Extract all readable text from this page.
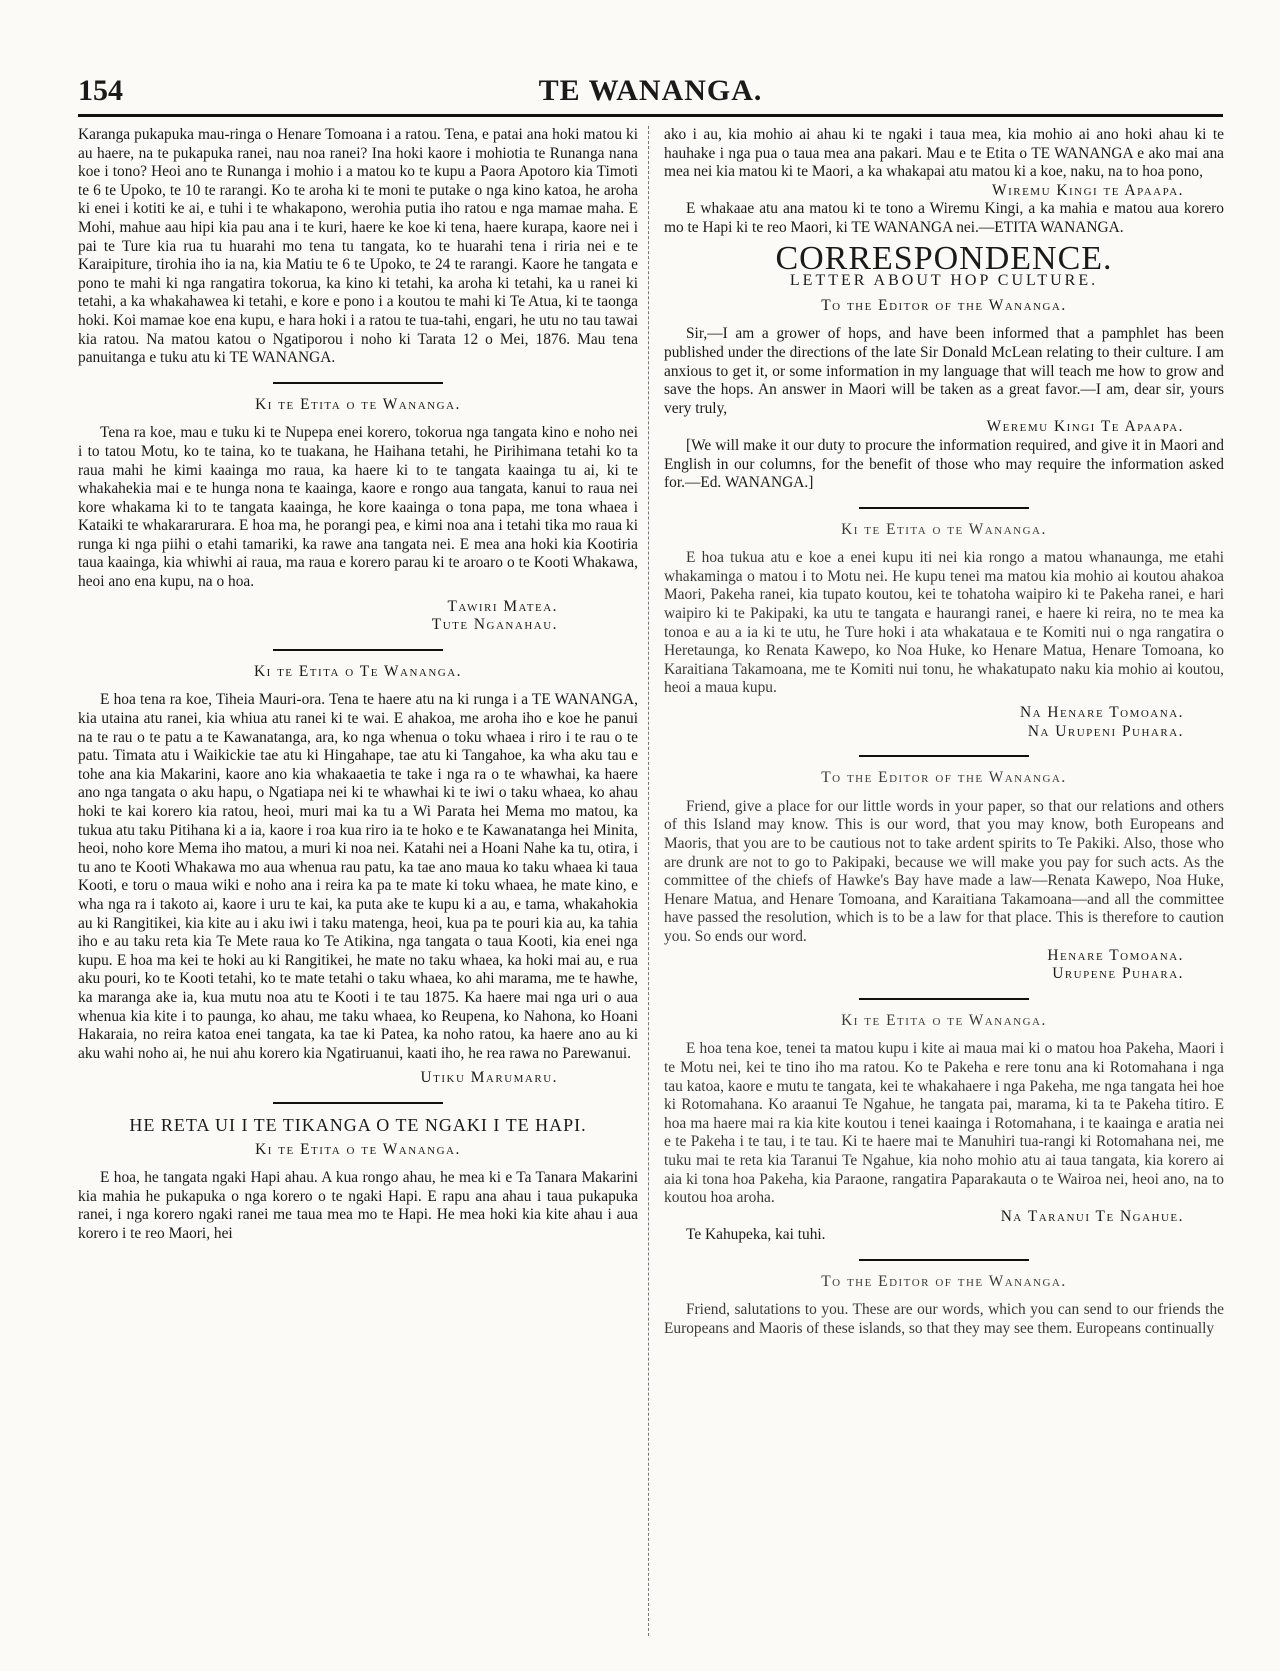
154	TE WANANGA.

Karanga pukapuka mau-ringa o Henare Tomoana i a ratou. Tena, e patai ana hoki matou ki au haere, na te pukapuka ranei, nau noa ranei? Ina hoki kaore i mohiotia te Runanga nana koe i tono? Heoi ano te Runanga i mohio i a matou ko te kupu a Paora Apotoro kia Timoti te 6 te Upoko, te 10 te rarangi. Ko te aroha ki te moni te putake o nga kino katoa, he aroha ki enei i kotiti ke ai, e tuhi i te whakapono, werohia putia iho ratou e nga mamae maha. E Mohi, mahue aau hipi kia pau ana i te kuri, haere ke koe ki tena, haere kurapa, kaore nei i pai te Ture kia rua tu huarahi mo tena tu tangata, ko te huarahi tena i riria nei e te Karaipiture, tirohia iho ia na, kia Matiu te 6 te Upoko, te 24 te rarangi. Kaore he tangata e pono te mahi ki nga rangatira tokorua, ka kino ki tetahi, ka aroha ki tetahi, ka u ranei ki tetahi, a ka whakahawea ki tetahi, e kore e pono i a koutou te mahi ki Te Atua, ki te taonga hoki. Koi mamae koe ena kupu, e hara hoki i a ratou te tua-tahi, engari, he utu no tau tawai kia ratou. Na matou katou o Ngatiporou i noho ki Tarata 12 o Mei, 1876. Mau tena panuitanga e tuku atu ki TE WANANGA.

Ki te Etita o te Wananga.

Tena ra koe, mau e tuku ki te Nupepa enei korero, tokorua nga tangata kino e noho nei i to tatou Motu, ko te taina, ko te tuakana, he Haihana tetahi, he Pirihimana tetahi ko ta raua mahi he kimi kaainga mo raua, ka haere ki to te tangata kaainga tu ai, ki te whakahekia mai e te hunga nona te kaainga, kaore e rongo aua tangata, kanui to raua nei kore whakama ki to te tangata kaainga, he kore kaainga o tona papa, me tona whaea i Kataiki te whakararurara. E hoa ma, he porangi pea, e kimi noa ana i tetahi tika mo raua ki runga ki nga piihi o etahi tamariki, ka rawe ana tangata nei. E mea ana hoki kia Kootiria taua kaainga, kia whiwhi ai raua, ma raua e korero parau ki te aroaro o te Kooti Whakawa, heoi ano ena kupu, na o hoa.

Tawiri Matea.
Tute Nganahau.
Ki te Etita o Te Wananga.

E hoa tena ra koe, Tiheia Mauri-ora. Tena te haere atu na ki runga i a TE WANANGA, kia utaina atu ranei, kia whiua atu ranei ki te wai. E ahakoa, me aroha iho e koe he panui na te rau o te patu a te Kawanatanga, ara, ko nga whenua o toku whaea i riro i te rau o te patu. Timata atu i Waikickie tae atu ki Hingahape, tae atu ki Tangahoe, ka wha aku tau e tohe ana kia Makarini, kaore ano kia whakaaetia te take i nga ra o te whawhai, ka haere ano nga tangata o aku hapu, o Ngatiapa nei ki te whawhai ki te iwi o taku whaea, ko ahau hoki te kai korero kia ratou, heoi, muri mai ka tu a Wi Parata hei Mema mo matou, ka tukua atu taku Pitihana ki a ia, kaore i roa kua riro ia te hoko e te Kawanatanga hei Minita, heoi, noho kore Mema iho matou, a muri ki noa nei. Katahi nei a Hoani Nahe ka tu, otira, i tu ano te Kooti Whakawa mo aua whenua rau patu, ka tae ano maua ko taku whaea ki taua Kooti, e toru o maua wiki e noho ana i reira ka pa te mate ki toku whaea, he mate kino, e wha nga ra i takoto ai, kaore i uru te kai, ka puta ake te kupu ki a au, e tama, whakahokia au ki Rangitikei, kia kite au i aku iwi i taku matenga, heoi, kua pa te pouri kia au, ka tahia iho e au taku reta kia Te Mete raua ko Te Atikina, nga tangata o taua Kooti, kia enei nga kupu. E hoa ma kei te hoki au ki Rangitikei, he mate no taku whaea, ka hoki mai au, e rua aku pouri, ko te Kooti tetahi, ko te mate tetahi o taku whaea, ko ahi marama, me te hawhe, ka maranga ake ia, kua mutu noa atu te Kooti i te tau 1875. Ka haere mai nga uri o aua whenua kia kite i to paunga, ko ahau, me taku whaea, ko Reupena, ko Nahona, ko Hoani Hakaraia, no reira katoa enei tangata, ka tae ki Patea, ka noho ratou, ka haere ano au ki aku wahi noho ai, he nui ahu korero kia Ngatiruanui, kaati iho, he rea rawa no Parewanui.

Utiku Marumaru.
HE RETA UI I TE TIKANGA O TE NGAKI I TE HAPI.
Ki te Etita o te Wananga.

E hoa, he tangata ngaki Hapi ahau. A kua rongo ahau, he mea ki e Ta Tanara Makarini kia mahia he pukapuka o nga korero o te ngaki Hapi. E rapu ana ahau i taua pukapuka ranei, i nga korero ngaki ranei me taua mea mo te Hapi. He mea hoki kia kite ahau i aua korero i te reo Maori, hei

ako i au, kia mohio ai ahau ki te ngaki i taua mea, kia mohio ai ano hoki ahau ki te hauhake i nga pua o taua mea ana pakari. Mau e te Etita o TE WANANGA e ako mai ana mea nei kia matou ki te Maori, a ka whakapai atu matou ki a koe, naku, na to hoa pono,

Wiremu Kingi te Apaapa.

E whakaae atu ana matou ki te tono a Wiremu Kingi, a ka mahia e matou aua korero mo te Hapi ki te reo Maori, ki TE WANANGA nei.—ETITA WANANGA.

CORRESPONDENCE.
LETTER ABOUT HOP CULTURE.
To the Editor of the Wananga.

Sir,—I am a grower of hops, and have been informed that a pamphlet has been published under the directions of the late Sir Donald McLean relating to their culture. I am anxious to get it, or some information in my language that will teach me how to grow and save the hops. An answer in Maori will be taken as a great favor.—I am, dear sir, yours very truly,

Weremu Kingi Te Apaapa.

[We will make it our duty to procure the information required, and give it in Maori and English in our columns, for the benefit of those who may require the information asked for.—Ed. WANANGA.]

Ki te Etita o te Wananga.

E hoa tukua atu e koe a enei kupu iti nei kia rongo a matou whanaunga, me etahi whakaminga o matou i to Motu nei. He kupu tenei ma matou kia mohio ai koutou ahakoa Maori, Pakeha ranei, kia tupato koutou, kei te tohatoha waipiro ki te Pakeha ranei, e hari waipiro ki te Pakipaki, ka utu te tangata e haurangi ranei, e haere ki reira, no te mea ka tonoa e au a ia ki te utu, he Ture hoki i ata whakataua e te Komiti nui o nga rangatira o Heretaunga, ko Renata Kawepo, ko Noa Huke, ko Henare Matua, Henare Tomoana, ko Karaitiana Takamoana, me te Komiti nui tonu, he whakatupato naku kia mohio ai koutou, heoi a maua kupu.

Na Henare Tomoana.
Na Urupeni Puhara.
To the Editor of the Wananga.

Friend, give a place for our little words in your paper, so that our relations and others of this Island may know. This is our word, that you may know, both Europeans and Maoris, that you are to be cautious not to take ardent spirits to Te Pakiki. Also, those who are drunk are not to go to Pakipaki, because we will make you pay for such acts. As the committee of the chiefs of Hawke's Bay have made a law—Renata Kawepo, Noa Huke, Henare Matua, and Henare Tomoana, and Karaitiana Takamoana—and all the committee have passed the resolution, which is to be a law for that place. This is therefore to caution you. So ends our word.

Henare Tomoana.
Urupene Puhara.
Ki te Etita o te Wananga.

E hoa tena koe, tenei ta matou kupu i kite ai maua mai ki o matou hoa Pakeha, Maori i te Motu nei, kei te tino iho ma ratou. Ko te Pakeha e rere tonu ana ki Rotomahana i nga tau katoa, kaore e mutu te tangata, kei te whakahaere i nga Pakeha, me nga tangata hei hoe ki Rotomahana. Ko araanui Te Ngahue, he tangata pai, marama, ki ta te Pakeha titiro. E hoa ma haere mai ra kia kite koutou i tenei kaainga i Rotomahana, i te kaainga e aratia nei e te Pakeha i te tau, i te tau. Ki te haere mai te Manuhiri tua-rangi ki Rotomahana nei, me tuku mai te reta kia Taranui Te Ngahue, kia noho mohio atu ai taua tangata, kia korero ai aia ki tona hoa Pakeha, kia Paraone, rangatira Paparakauta o te Wairoa nei, heoi ano, na to koutou hoa aroha.

Na Taranui Te Ngahue.

Te Kahupeka, kai tuhi.

To the Editor of the Wananga.

Friend, salutations to you. These are our words, which you can send to our friends the Europeans and Maoris of these islands, so that they may see them. Europeans continually
